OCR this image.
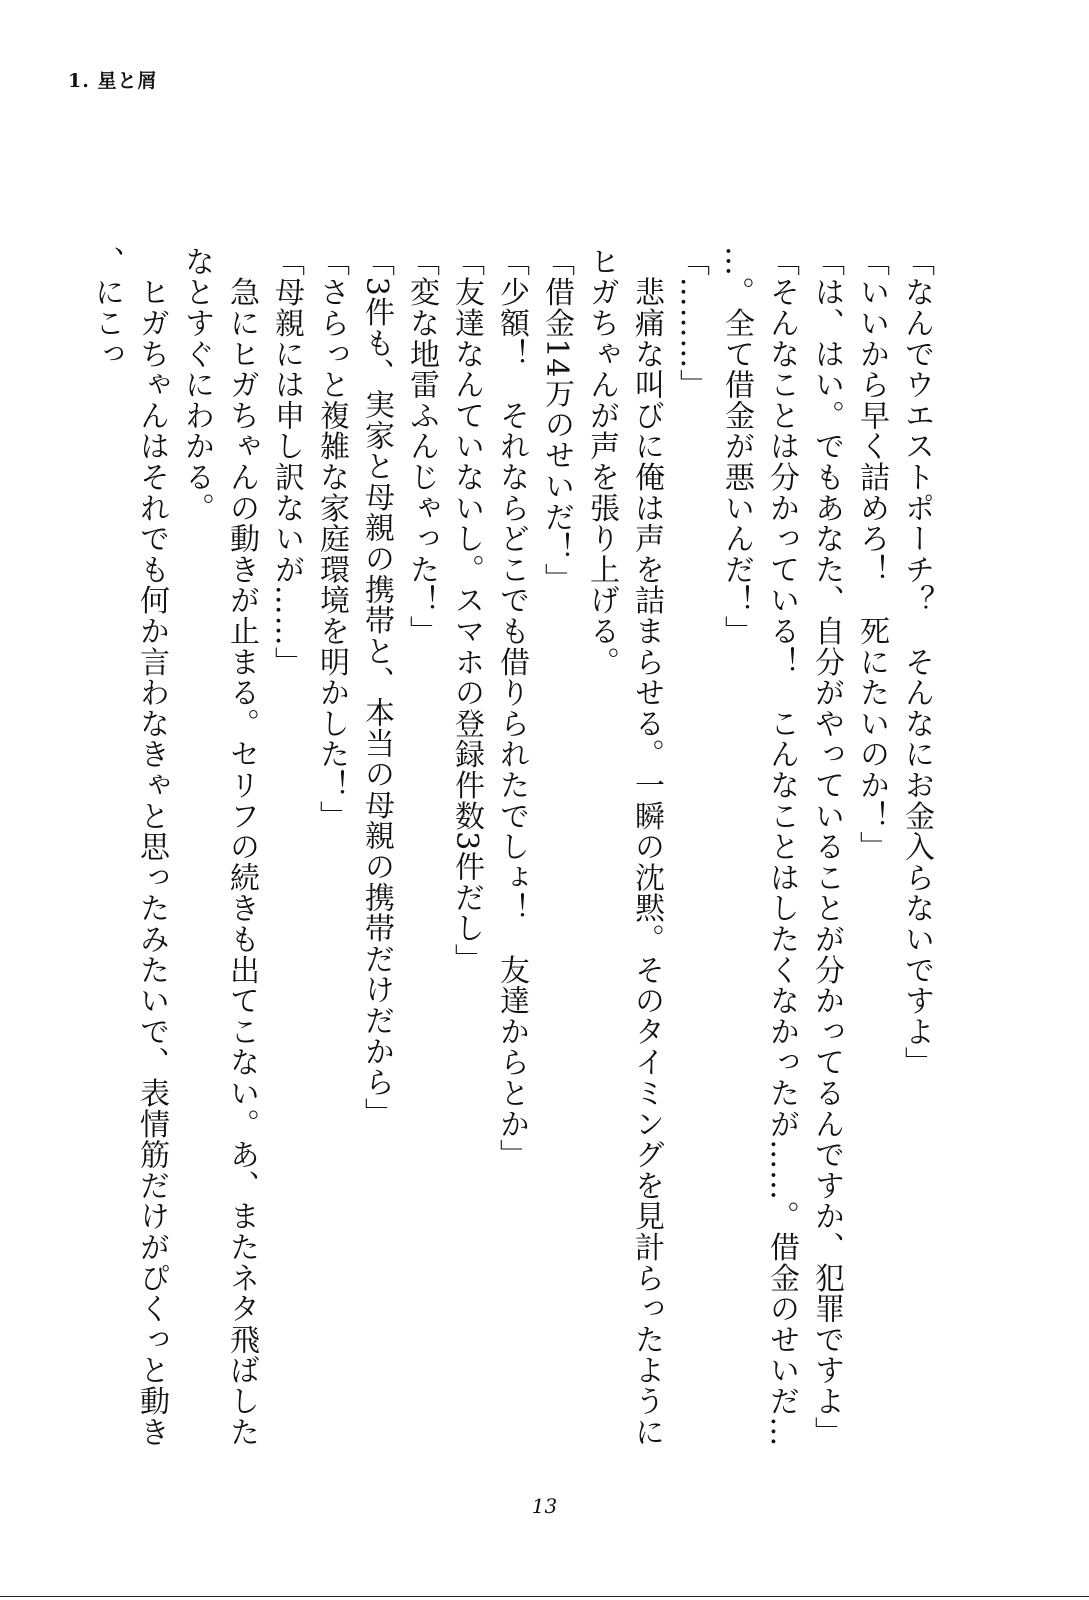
1. 星と屑

「なんでウエストポーチ？　そんなにお金入らないですよ」

「いいから早く詰めろ！　死にたいのか！」

「は、はい。でもあなた、自分がやっていることが分かってるんですか、犯罪ですよ」

「そんなことは分かっている！　こんなことはしたくなかったが……。借金のせいだ……。全て借金が悪いんだ！」

「………」

　悲痛な叫びに俺は声を詰まらせる。一瞬の沈黙。そのタイミングを見計らったようにヒガちゃんが声を張り上げる。

「借金14万のせいだ！」

「少額！　それならどこでも借りられたでしょ！　友達からとか」

「友達なんていないし。スマホの登録件数3件だし」

「変な地雷ふんじゃった！」

「3件も、実家と母親の携帯と、本当の母親の携帯だけだから」

「さらっと複雑な家庭環境を明かした！」

「母親には申し訳ないが……」

　急にヒガちゃんの動きが止まる。セリフの続きも出てこない。あ、またネタ飛ばしたなとすぐにわかる。

　ヒガちゃんはそれでも何か言わなきゃと思ったみたいで、表情筋だけがぴくっと動き、にこっ

13
